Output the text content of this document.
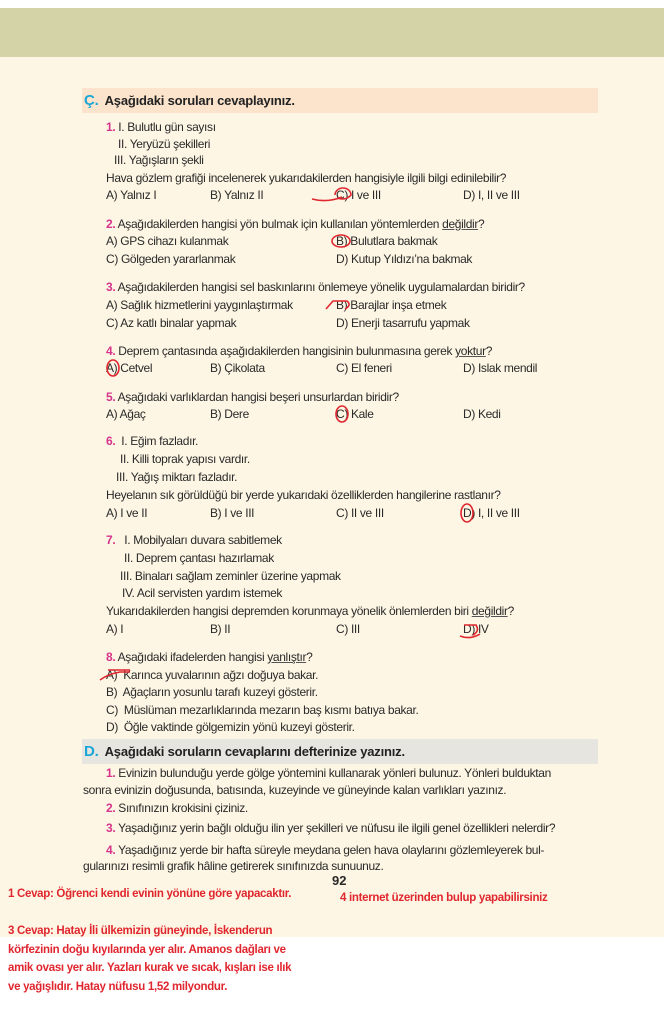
Ç. Aşağıdaki soruları cevaplayınız.
1. I. Bulutlu gün sayısı
II. Yeryüzü şekilleri
III. Yağışların şekli
Hava gözlem grafiği incelenerek yukarıdakilerden hangisiyle ilgili bilgi edinilebilir?
A) Yalnız I	B) Yalnız II	C) I ve III	D) I, II ve III
2. Aşağıdakilerden hangisi yön bulmak için kullanılan yöntemlerden değildir?
A) GPS cihazı kulanmak	B) Bulutlara bakmak
C) Gölgeden yararlanmak	D) Kutup Yıldızı’na bakmak
3. Aşağıdakilerden hangisi sel baskınlarını önlemeye yönelik uygulamalardan biridir?
A) Sağlık hizmetlerini yaygınlaştırmak	B) Barajlar inşa etmek
C) Az katlı binalar yapmak	D) Enerji tasarrufu yapmak
4. Deprem çantasında aşağıdakilerden hangisinin bulunmasına gerek yoktur?
A) Cetvel	B) Çikolata	C) El feneri	D) Islak mendil
5. Aşağıdaki varlıklardan hangisi beşeri unsurlardan biridir?
A) Ağaç	B) Dere	C) Kale	D) Kedi
6. I. Eğim fazladır.
II. Killi toprak yapısı vardır.
III. Yağış miktarı fazladır.
Heyelanın sık görüldüğü bir yerde yukarıdaki özelliklerden hangilerine rastlanır?
A) I ve II	B) I ve III	C) II ve III	D) I, II ve III
7. I. Mobilyaları duvara sabitlemek
II. Deprem çantası hazırlamak
III. Binaları sağlam zeminler üzerine yapmak
IV. Acil servisten yardım istemek
Yukarıdakilerden hangisi depremden korunmaya yönelik önlemlerden biri değildir?
A) I	B) II	C) III	D) IV
8. Aşağıdaki ifadelerden hangisi yanlıştır?
A)  Karınca yuvalarının ağzı doğuya bakar.
B)  Ağaçların yosunlu tarafı kuzeyi gösterir.
C)  Müslüman mezarlıklarında mezarın baş kısmı batıya bakar.
D)  Öğle vaktinde gölgemizin yönü kuzeyi gösterir.
D. Aşağıdaki soruların cevaplarını defterinize yazınız.
1. Evinizin bulunduğu yerde gölge yöntemini kullanarak yönleri bulunuz. Yönleri bulduktan
sonra evinizin doğusunda, batısında, kuzeyinde ve güneyinde kalan varlıkları yazınız.
2. Sınıfınızın krokisini çiziniz.
3. Yaşadığınız yerin bağlı olduğu ilin yer şekilleri ve nüfusu ile ilgili genel özellikleri nelerdir?
4. Yaşadığınız yerde bir hafta süreyle meydana gelen hava olaylarını gözlemleyerek bul-
gularınızı resimli grafik hâline getirerek sınıfınızda sunuunuz.
92
1 Cevap: Öğrenci kendi evinin yönüne göre yapacaktır.
3 Cevap: Hatay İli ülkemizin güneyinde, İskenderun körfezinin doğu kıyılarında yer alır. Amanos dağları ve amik ovası yer alır. Yazları kurak ve sıcak, kışları ise ılık ve yağışlıdır. Hatay nüfusu 1,52 milyondur.
4 internet üzerinden bulup yapabilirsiniz
